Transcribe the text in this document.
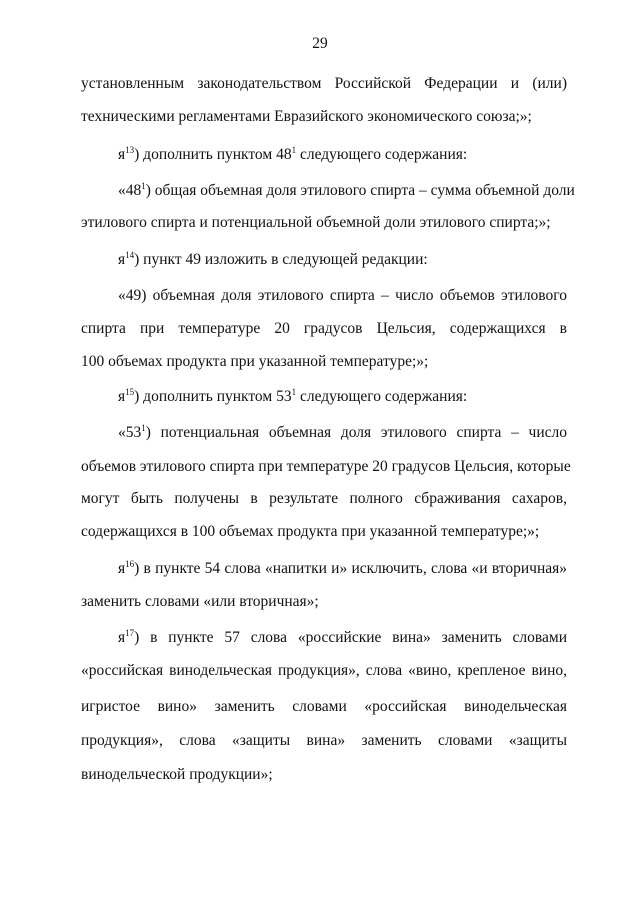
29
установленным законодательством Российской Федерации и (или)
техническими регламентами Евразийского экономического союза;»;
$я^{13}$) дополнить пунктом $48^1$ следующего содержания:
«$48^1$) общая объемная доля этилового спирта – сумма объемной доли
этилового спирта и потенциальной объемной доли этилового спирта;»;
$я^{14}$) пункт 49 изложить в следующей редакции:
«49) объемная доля этилового спирта – число объемов этилового
спирта при температуре 20 градусов Цельсия, содержащихся в
100 объемах продукта при указанной температуре;»;
$я^{15}$) дополнить пунктом $53^1$ следующего содержания:
«$53^1$) потенциальная объемная доля этилового спирта – число
объемов этилового спирта при температуре 20 градусов Цельсия, которые
могут быть получены в результате полного сбраживания сахаров,
содержащихся в 100 объемах продукта при указанной температуре;»;
$я^{16}$) в пункте 54 слова «напитки и» исключить, слова «и вторичная»
заменить словами «или вторичная»;
$я^{17}$) в пункте 57 слова «российские вина» заменить словами
«российская винодельческая продукция», слова «вино, крепленое вино,
игристое вино» заменить словами «российская винодельческая
продукция», слова «защиты вина» заменить словами «защиты
винодельческой продукции»;
